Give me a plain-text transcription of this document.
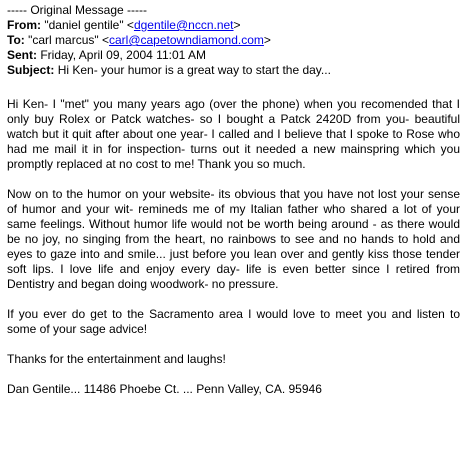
----- Original Message -----
From: "daniel gentile" <dgentile@nccn.net>
To: "carl marcus" <carl@capetowndiamond.com>
Sent: Friday, April 09, 2004 11:01 AM
Subject: Hi Ken- your humor is a great way to start the day...

Hi Ken- I "met" you many years ago (over the phone) when you recomended that I only buy Rolex or Patck watches- so I bought a Patck 2420D from you- beautiful watch but it quit after about one year- I called and I believe that I spoke to Rose who had me mail it in for inspection- turns out it needed a new mainspring which you promptly replaced at no cost to me! Thank you so much.

Now on to the humor on your website- its obvious that you have not lost your sense of humor and your wit- remineds me of my Italian father who shared a lot of your same feelings. Without humor life would not be worth being around - as there would be no joy, no singing from the heart, no rainbows to see and no hands to hold and eyes to gaze into and smile... just before you lean over and gently kiss those tender soft lips. I love life and enjoy every day- life is even better since I retired from Dentistry and began doing woodwork- no pressure.

If you ever do get to the Sacramento area I would love to meet you and listen to some of your sage advice!

Thanks for the entertainment and laughs!

Dan Gentile... 11486 Phoebe Ct. ... Penn Valley, CA. 95946
